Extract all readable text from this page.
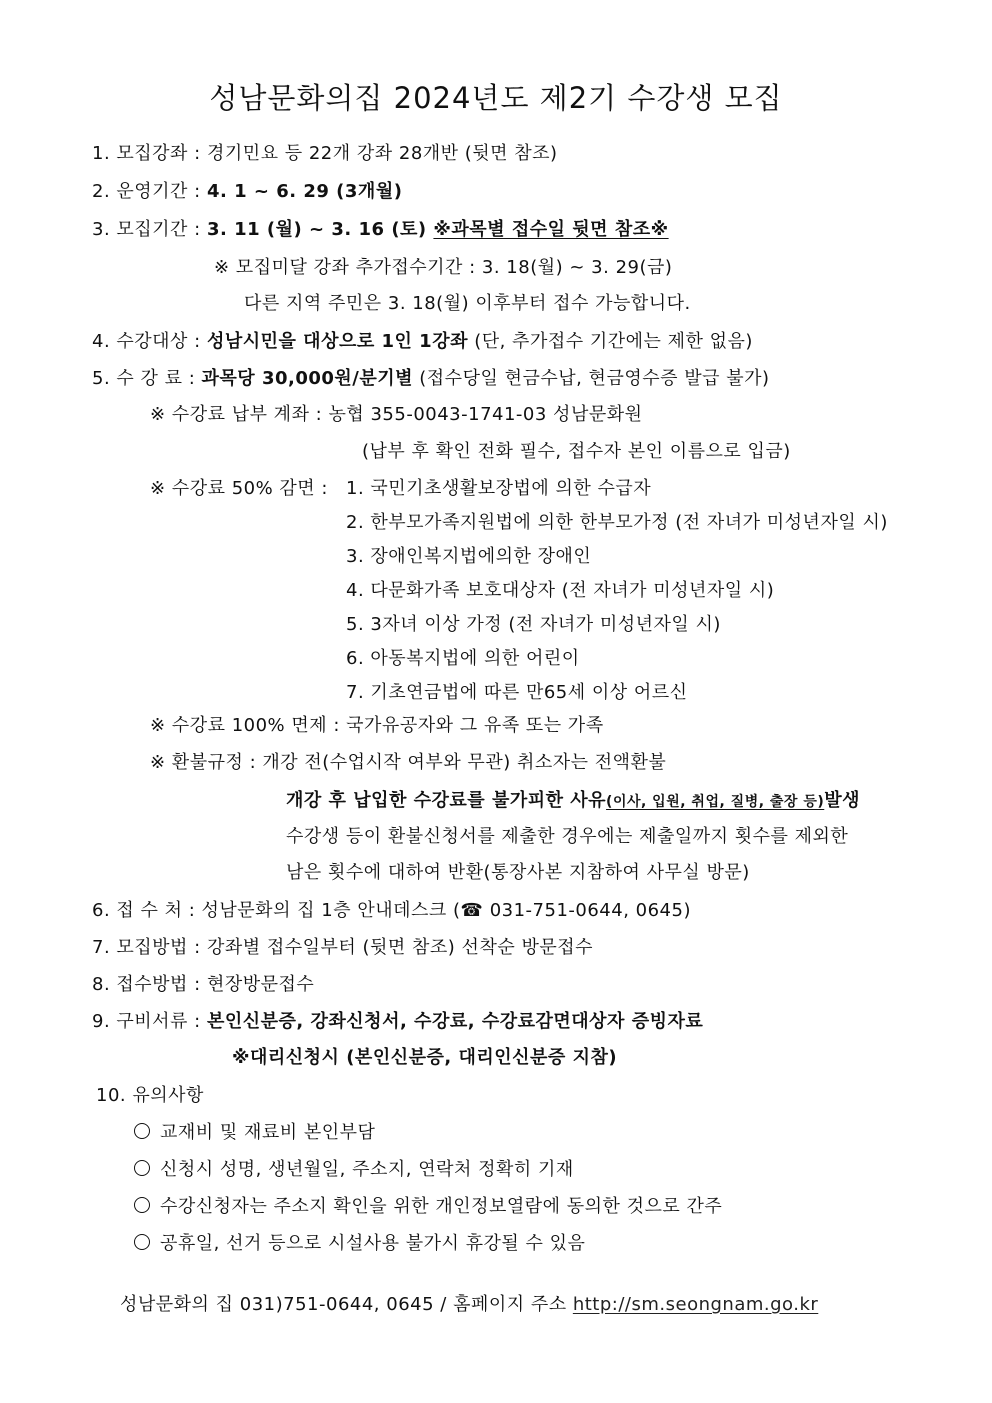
성남문화의집 2024년도 제2기 수강생 모집
1. 모집강좌 : 경기민요 등 22개 강좌 28개반 (뒷면 참조)
2. 운영기간 : 4. 1 ~ 6. 29 (3개월)
3. 모집기간 : 3. 11 (월) ~ 3. 16 (토) ※과목별 접수일 뒷면 참조※
※ 모집미달 강좌 추가접수기간 : 3. 18(월) ~ 3. 29(금)
다른 지역 주민은 3. 18(월) 이후부터 접수 가능합니다.
4. 수강대상 : 성남시민을 대상으로 1인 1강좌 (단, 추가접수 기간에는 제한 없음)
5. 수 강 료 : 과목당 30,000원/분기별 (접수당일 현금수납, 현금영수증 발급 불가)
※ 수강료 납부 계좌 : 농협 355-0043-1741-03 성남문화원
(납부 후 확인 전화 필수, 접수자 본인 이름으로 입금)
※ 수강료 50% 감면 : 1. 국민기초생활보장법에 의한 수급자
2. 한부모가족지원법에 의한 한부모가정 (전 자녀가 미성년자일 시)
3. 장애인복지법에의한 장애인
4. 다문화가족 보호대상자 (전 자녀가 미성년자일 시)
5. 3자녀 이상 가정 (전 자녀가 미성년자일 시)
6. 아동복지법에 의한 어린이
7. 기초연금법에 따른 만65세 이상 어르신
※ 수강료 100% 면제 : 국가유공자와 그 유족 또는 가족
※ 환불규정 : 개강 전(수업시작 여부와 무관) 취소자는 전액환불
개강 후 납입한 수강료를 불가피한 사유(이사, 입원, 취업, 질병, 출장 등)발생
수강생 등이 환불신청서를 제출한 경우에는 제출일까지 횟수를 제외한
남은 횟수에 대하여 반환(통장사본 지참하여 사무실 방문)
6. 접 수 처 : 성남문화의 집 1층 안내데스크 (☎ 031-751-0644, 0645)
7. 모집방법 : 강좌별 접수일부터 (뒷면 참조) 선착순 방문접수
8. 접수방법 : 현장방문접수
9. 구비서류 : 본인신분증, 강좌신청서, 수강료, 수강료감면대상자 증빙자료
※대리신청시 (본인신분증, 대리인신분증 지참)
10. 유의사항
교재비 및 재료비 본인부담
신청시 성명, 생년월일, 주소지, 연락처 정확히 기재
수강신청자는 주소지 확인을 위한 개인정보열람에 동의한 것으로 간주
공휴일, 선거 등으로 시설사용 불가시 휴강될 수 있음
성남문화의 집 031)751-0644, 0645 / 홈페이지 주소 http://sm.seongnam.go.kr
